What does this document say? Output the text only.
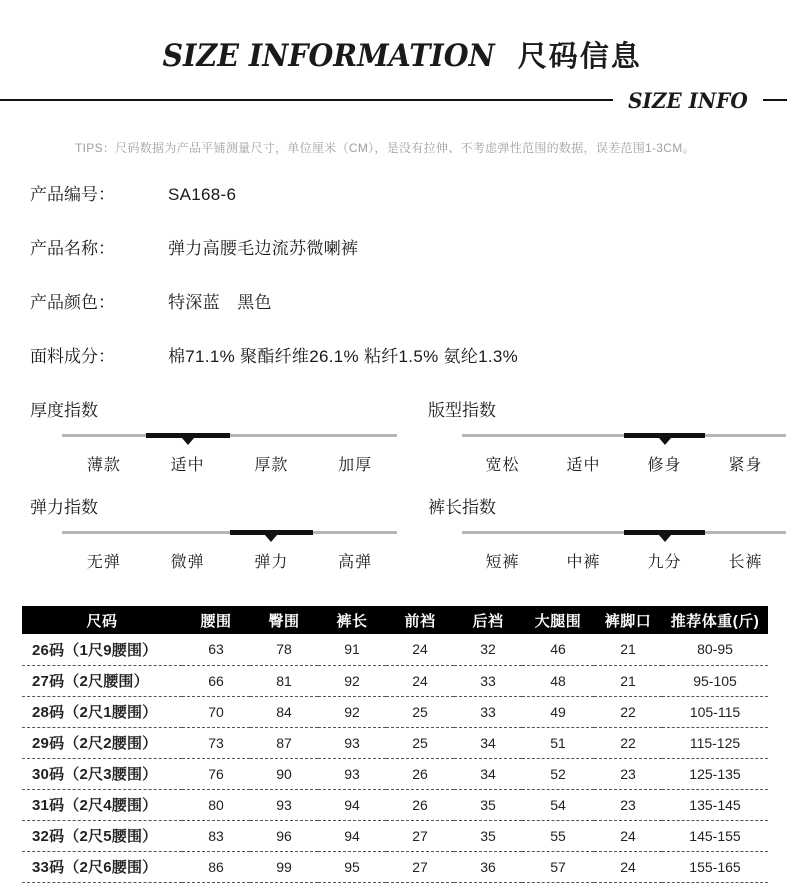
SIZE INFORMATION 尺码信息
SIZE INFO
TIPS：尺码数据为产品平铺测量尺寸，单位厘米（CM），是没有拉伸、不考虑弹性范围的数据，误差范围1-3CM。
产品编号：	SA168-6
产品名称：	弹力高腰毛边流苏微喇裤
产品颜色：	特深蓝　黑色
面料成分：	棉71.1% 聚酯纤维26.1% 粘纤1.5% 氨纶1.3%
厚度指数
薄款	适中	厚款	加厚
版型指数
宽松	适中	修身	紧身
弹力指数
无弹	微弹	弹力	高弹
裤长指数
短裤	中裤	九分	长裤
尺码	腰围	臀围	裤长	前裆	后裆	大腿围	裤脚口	推荐体重(斤)
26码（1尺9腰围）	63	78	91	24	32	46	21	80-95
27码（2尺腰围）	66	81	92	24	33	48	21	95-105
28码（2尺1腰围）	70	84	92	25	33	49	22	105-115
29码（2尺2腰围）	73	87	93	25	34	51	22	115-125
30码（2尺3腰围）	76	90	93	26	34	52	23	125-135
31码（2尺4腰围）	80	93	94	26	35	54	23	135-145
32码（2尺5腰围）	83	96	94	27	35	55	24	145-155
33码（2尺6腰围）	86	99	95	27	36	57	24	155-165
